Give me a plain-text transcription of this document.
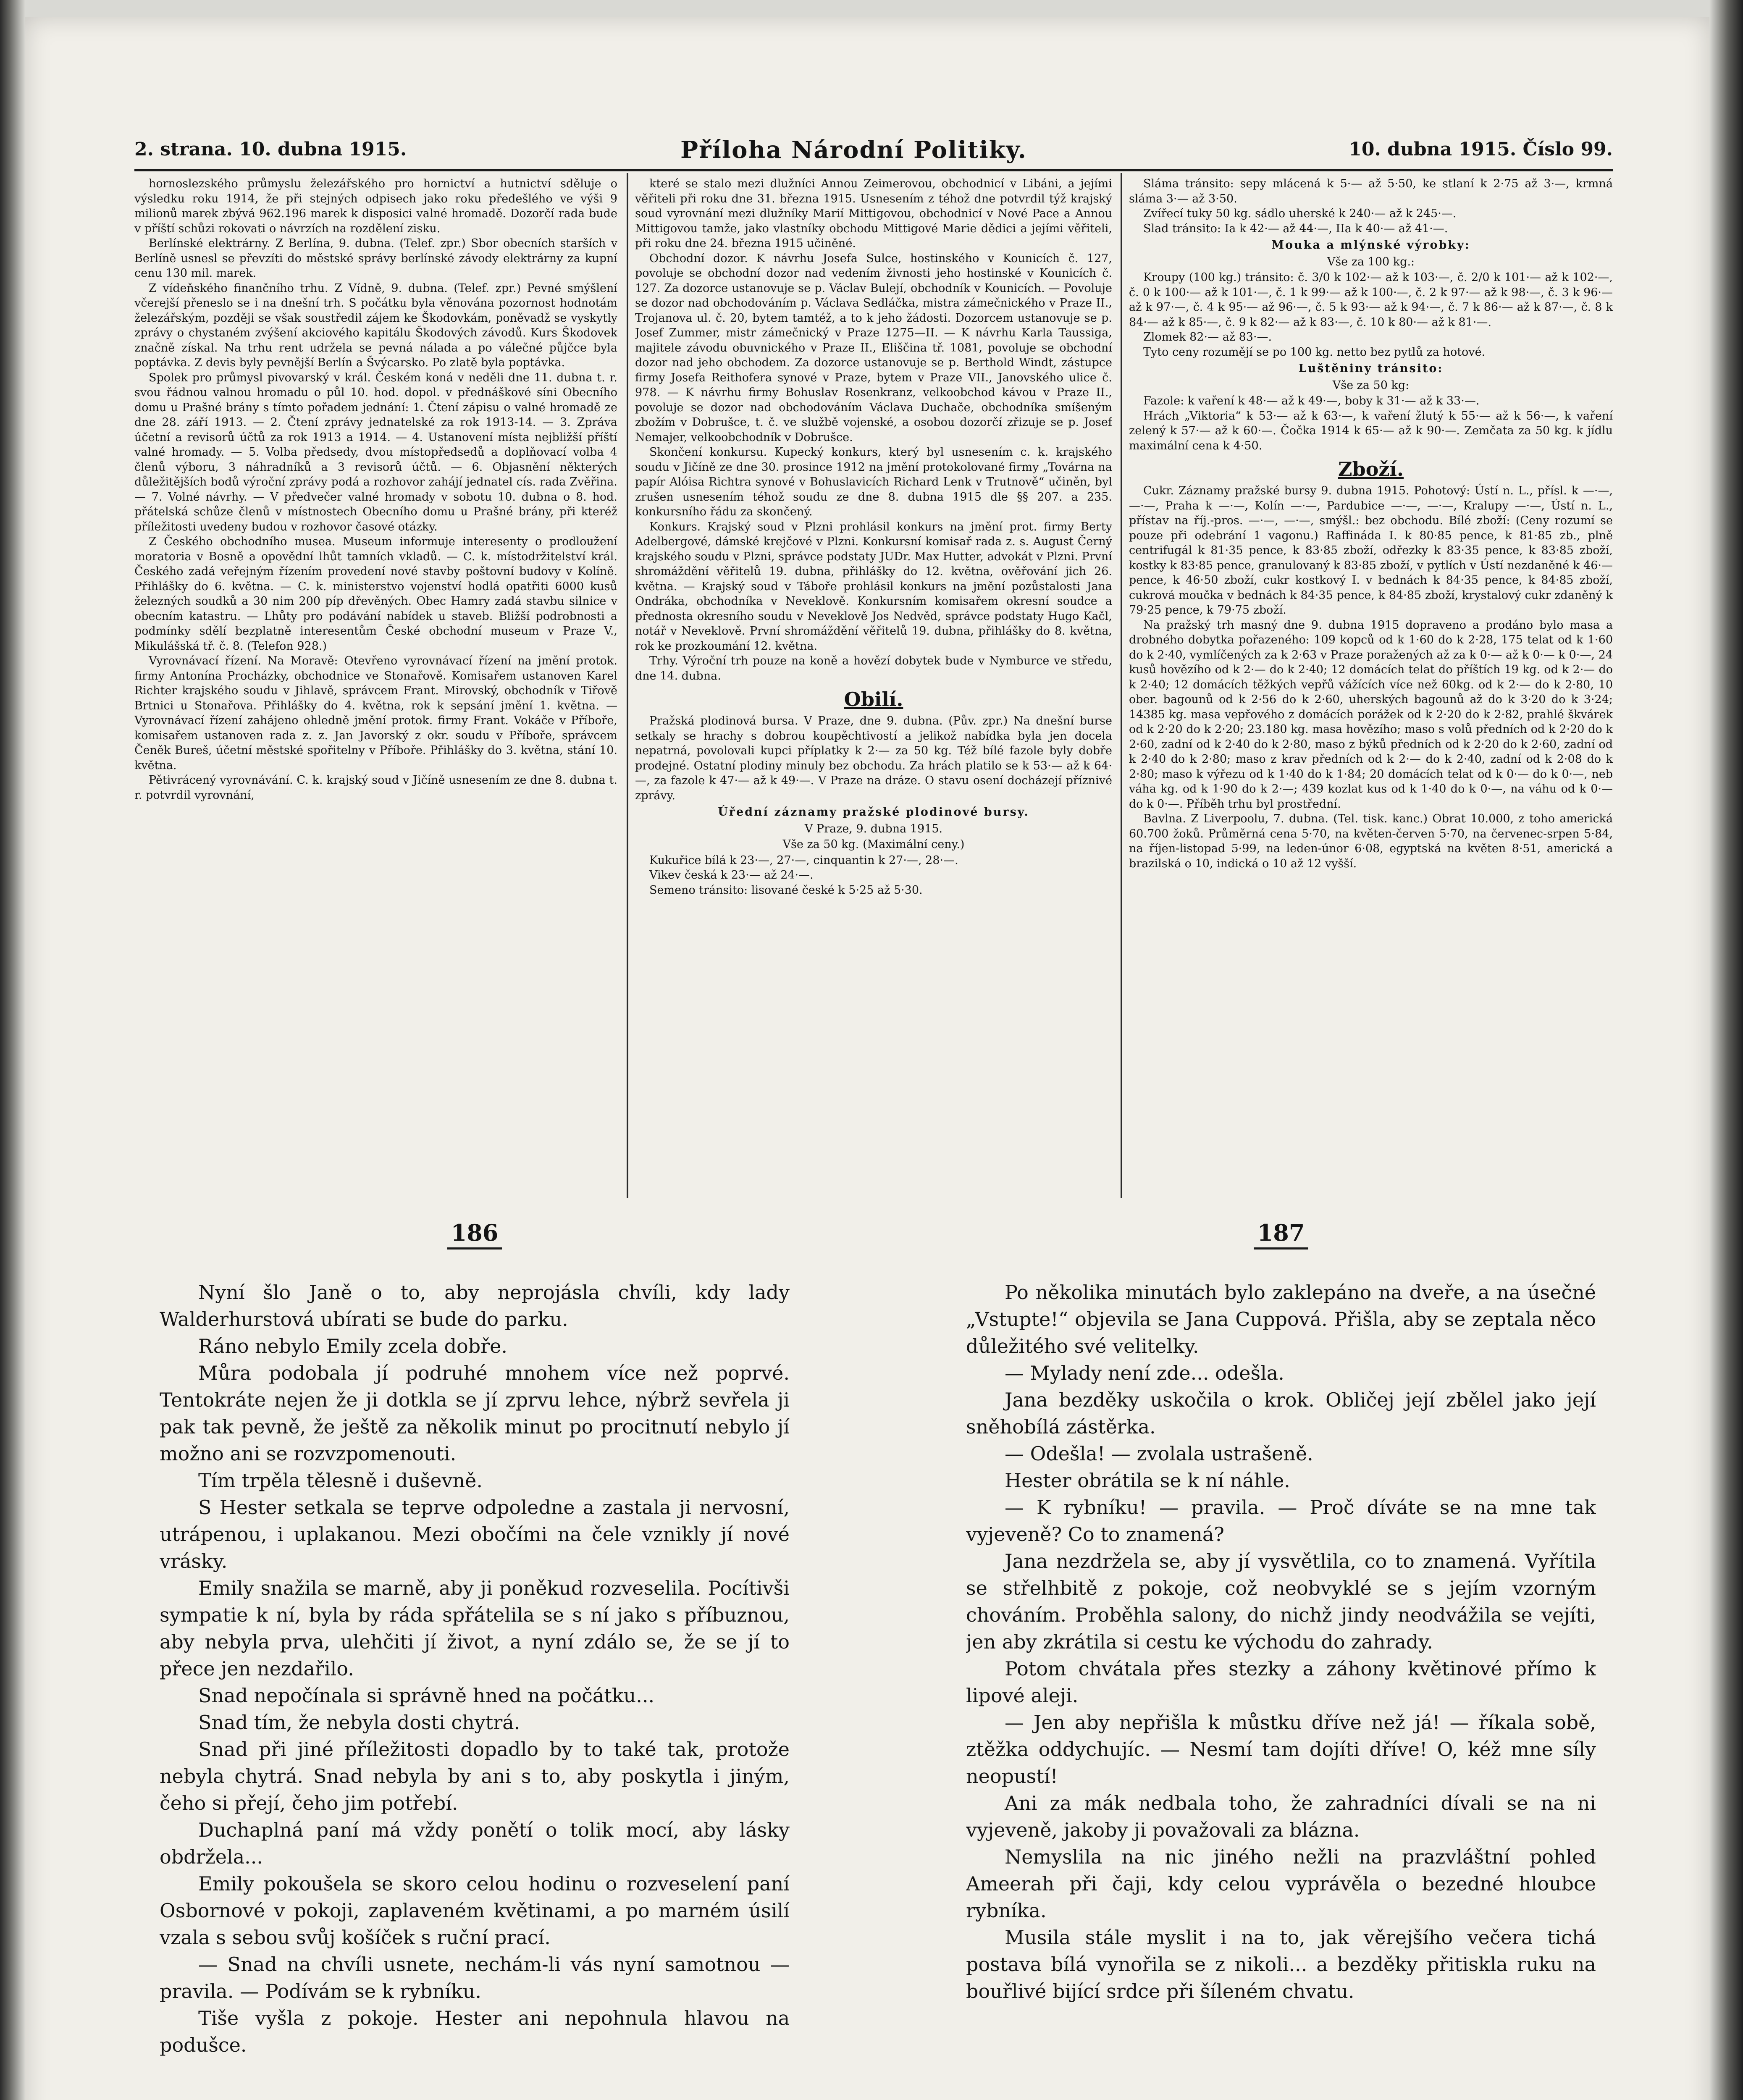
2. strana. 10. dubna 1915.	Příloha Národní Politiky.	10. dubna 1915. Číslo 99.

hornoslezského průmyslu železářského pro hornictví a hutnictví sděluje o výsledku roku 1914, že při stejných odpisech jako roku předešlého ve výši 9 milionů marek zbývá 962.196 marek k disposici valné hromadě. Dozorčí rada bude v příští schůzi rokovati o návrzích na rozdělení zisku.

Berlínské elektrárny. Z Berlína, 9. dubna. (Telef. zpr.) Sbor obecních starších v Berlíně usnesl se převzíti do městské správy berlínské závody elektrárny za kupní cenu 130 mil. marek.

Z vídeňského finančního trhu. Z Vídně, 9. dubna. (Telef. zpr.) Pevné smýšlení včerejší přeneslo se i na dnešní trh. S počátku byla věnována pozornost hodnotám železářským, později se však soustředil zájem ke Škodovkám, poněvadž se vyskytly zprávy o chystaném zvýšení akciového kapitálu Škodových závodů. Kurs Škodovek značně získal. Na trhu rent udržela se pevná nálada a po válečné půjčce byla poptávka. Z devis byly pevnější Berlín a Švýcarsko. Po zlatě byla poptávka.

Spolek pro průmysl pivovarský v král. Českém koná v neděli dne 11. dubna t. r. svou řádnou valnou hromadu o půl 10. hod. dopol. v přednáškové síni Obecního domu u Prašné brány s tímto pořadem jednání: 1. Čtení zápisu o valné hromadě ze dne 28. září 1913. — 2. Čtení zprávy jednatelské za rok 1913-14. — 3. Zpráva účetní a revisorů účtů za rok 1913 a 1914. — 4. Ustanovení místa nejbližší příští valné hromady. — 5. Volba předsedy, dvou místopředsedů a doplňovací volba 4 členů výboru, 3 náhradníků a 3 revisorů účtů. — 6. Objasnění některých důležitějších bodů výroční zprávy podá a rozhovor zahájí jednatel cís. rada Zvěřina. — 7. Volné návrhy. — V předvečer valné hromady v sobotu 10. dubna o 8. hod. přátelská schůze členů v místnostech Obecního domu u Prašné brány, při kteréž příležitosti uvedeny budou v rozhovor časové otázky.

Z Českého obchodního musea. Museum informuje interesenty o prodloužení moratoria v Bosně a opovědní lhůt tamních vkladů. — C. k. místodržitelství král. Českého zadá veřejným řízením provedení nové stavby poštovní budovy v Kolíně. Přihlášky do 6. května. — C. k. ministerstvo vojenství hodlá opatřiti 6000 kusů železných soudků a 30 nim 200 píp dřevěných. Obec Hamry zadá stavbu silnice v obecním katastru. — Lhůty pro podávání nabídek u staveb. Bližší podrobnosti a podmínky sdělí bezplatně interesentům České obchodní museum v Praze V., Mikulášská tř. č. 8. (Telefon 928.)

Vyrovnávací řízení. Na Moravě: Otevřeno vyrovnávací řízení na jmění protok. firmy Antonína Procházky, obchodnice ve Stonařově. Komisařem ustanoven Karel Richter krajského soudu v Jihlavě, správcem Frant. Mirovský, obchodník v Tiřově Brtnici u Stonařova. Přihlášky do 4. května, rok k sepsání jmění 1. května. — Vyrovnávací řízení zahájeno ohledně jmění protok. firmy Frant. Vokáče v Příboře, komisařem ustanoven rada z. z. Jan Javorský z okr. soudu v Příboře, správcem Čeněk Bureš, účetní městské spořitelny v Příboře. Přihlášky do 3. května, stání 10. května.

Pětivrácený vyrovnávání. C. k. krajský soud v Jičíně usnesením ze dne 8. dubna t. r. potvrdil vyrovnání,

které se stalo mezi dlužníci Annou Zeimerovou, obchodnicí v Libáni, a jejími věřiteli při roku dne 31. března 1915. Usnesením z téhož dne potvrdil týž krajský soud vyrovnání mezi dlužníky Marií Mittigovou, obchodnicí v Nové Pace a Annou Mittigovou tamže, jako vlastníky obchodu Mittigové Marie dědici a jejími věřiteli, při roku dne 24. března 1915 učiněné.

Obchodní dozor. K návrhu Josefa Sulce, hostinského v Kounicích č. 127, povoluje se obchodní dozor nad vedením živnosti jeho hostinské v Kounicích č. 127. Za dozorce ustanovuje se p. Václav Bulejí, obchodník v Kounicích. — Povoluje se dozor nad obchodováním p. Václava Sedláčka, mistra zámečnického v Praze II., Trojanova ul. č. 20, bytem tamtéž, a to k jeho žádosti. Dozorcem ustanovuje se p. Josef Zummer, mistr zámečnický v Praze 1275—II. — K návrhu Karla Taussiga, majitele závodu obuvnického v Praze II., Eliščina tř. 1081, povoluje se obchodní dozor nad jeho obchodem. Za dozorce ustanovuje se p. Berthold Windt, zástupce firmy Josefa Reithofera synové v Praze, bytem v Praze VII., Janovského ulice č. 978. — K návrhu firmy Bohuslav Rosenkranz, velkoobchod kávou v Praze II., povoluje se dozor nad obchodováním Václava Duchače, obchodníka smíšeným zbožím v Dobrušce, t. č. ve službě vojenské, a osobou dozorčí zřizuje se p. Josef Nemajer, velkoobchodník v Dobrušce.

Skončení konkursu. Kupecký konkurs, který byl usnesením c. k. krajského soudu v Jičíně ze dne 30. prosince 1912 na jmění protokolované firmy „Továrna na papír Alóisa Richtra synové v Bohuslavicích Richard Lenk v Trutnově“ učiněn, byl zrušen usnesením téhož soudu ze dne 8. dubna 1915 dle §§ 207. a 235. konkursního řádu za skončený.

Konkurs. Krajský soud v Plzni prohlásil konkurs na jmění prot. firmy Berty Adelbergové, dámské krejčové v Plzni. Konkursní komisař rada z. s. August Černý krajského soudu v Plzni, správce podstaty JUDr. Max Hutter, advokát v Plzni. První shromáždění věřitelů 19. dubna, přihlášky do 12. května, ověřování jich 26. května. — Krajský soud v Táboře prohlásil konkurs na jmění pozůstalosti Jana Ondráka, obchodníka v Neveklově. Konkursním komisařem okresní soudce a přednosta okresního soudu v Neveklově Jos Nedvěd, správce podstaty Hugo Kačl, notář v Neveklově. První shromáždění věřitelů 19. dubna, přihlášky do 8. května, rok ke prozkoumání 12. května.

Trhy. Výroční trh pouze na koně a hovězí dobytek bude v Nymburce ve středu, dne 14. dubna.

Obilí.

Pražská plodinová bursa. V Praze, dne 9. dubna. (Pův. zpr.) Na dnešní burse setkaly se hrachy s dobrou koupěchtivostí a jelikož nabídka byla jen docela nepatrná, povolovali kupci příplatky k 2·— za 50 kg. Též bílé fazole byly dobře prodejné. Ostatní plodiny minuly bez obchodu. Za hrách platilo se k 53·— až k 64·—, za fazole k 47·— až k 49·—. V Praze na dráze. O stavu osení docházejí příznivé zprávy.

Úřední záznamy pražské plodinové bursy.

V Praze, 9. dubna 1915.

Vše za 50 kg. (Maximální ceny.)

Kukuřice bílá k 23·—, 27·—, cinquantin k 27·—, 28·—.

Vikev česká k 23·— až 24·—.

Semeno tránsito: lisované české k 5·25 až 5·30.

Sláma tránsito: sepy mlácená k 5·— až 5·50, ke stlaní k 2·75 až 3·—, krmná sláma 3·— až 3·50.

Zvířecí tuky 50 kg. sádlo uherské k 240·— až k 245·—.

Slad tránsito: Ia k 42·— až 44·—, IIa k 40·— až 41·—.

Mouka a mlýnské výrobky:

Vše za 100 kg.:

Kroupy (100 kg.) tránsito: č. 3/0 k 102·— až k 103·—, č. 2/0 k 101·— až k 102·—, č. 0 k 100·— až k 101·—, č. 1 k 99·— až k 100·—, č. 2 k 97·— až k 98·—, č. 3 k 96·— až k 97·—, č. 4 k 95·— až 96·—, č. 5 k 93·— až k 94·—, č. 7 k 86·— až k 87·—, č. 8 k 84·— až k 85·—, č. 9 k 82·— až k 83·—, č. 10 k 80·— až k 81·—.

Zlomek 82·— až 83·—.

Tyto ceny rozumějí se po 100 kg. netto bez pytlů za hotové.

Luštěniny tránsito:

Vše za 50 kg:

Fazole: k vaření k 48·— až k 49·—, boby k 31·— až k 33·—.

Hrách „Viktoria“ k 53·— až k 63·—, k vaření žlutý k 55·— až k 56·—, k vaření zelený k 57·— až k 60·—. Čočka 1914 k 65·— až k 90·—. Zemčata za 50 kg. k jídlu maximální cena k 4·50.

Zboží.

Cukr. Záznamy pražské bursy 9. dubna 1915. Pohotový: Ústí n. L., přísl. k —·—, —·—, Praha k —·—, Kolín —·—, Pardubice —·—, —·—, Kralupy —·—, Ústí n. L., přístav na říj.-pros. —·—, —·—, smýšl.: bez obchodu. Bílé zboží: (Ceny rozumí se pouze při odebrání 1 vagonu.) Raffináda I. k 80·85 pence, k 81·85 zb., plně centrifugál k 81·35 pence, k 83·85 zboží, odřezky k 83·35 pence, k 83·85 zboží, kostky k 83·85 pence, granulovaný k 83·85 zboží, v pytlích v Ústí nezdaněné k 46·— pence, k 46·50 zboží, cukr kostkový I. v bednách k 84·35 pence, k 84·85 zboží, cukrová moučka v bednách k 84·35 pence, k 84·85 zboží, krystalový cukr zdaněný k 79·25 pence, k 79·75 zboží.

Na pražský trh masný dne 9. dubna 1915 dopraveno a prodáno bylo masa a drobného dobytka pořazeného: 109 kopců od k 1·60 do k 2·28, 175 telat od k 1·60 do k 2·40, vymlíčených za k 2·63 v Praze poražených až za k 0·— až k 0·— k 0·—, 24 kusů hovězího od k 2·— do k 2·40; 12 domácích telat do příštích 19 kg. od k 2·— do k 2·40; 12 domácích těžkých vepřů vážících více než 60kg. od k 2·— do k 2·80, 10 ober. bagounů od k 2·56 do k 2·60, uherských bagounů až do k 3·20 do k 3·24; 14385 kg. masa vepřového z domácích porážek od k 2·20 do k 2·82, prahlé škvárek od k 2·20 do k 2·20; 23.180 kg. masa hovězího; maso s volů předních od k 2·20 do k 2·60, zadní od k 2·40 do k 2·80, maso z býků předních od k 2·20 do k 2·60, zadní od k 2·40 do k 2·80; maso z krav předních od k 2·— do k 2·40, zadní od k 2·08 do k 2·80; maso k výřezu od k 1·40 do k 1·84; 20 domácích telat od k 0·— do k 0·—, neb váha kg. od k 1·90 do k 2·—; 439 kozlat kus od k 1·40 do k 0·—, na váhu od k 0·— do k 0·—. Příběh trhu byl prostřední.

Bavlna. Z Liverpoolu, 7. dubna. (Tel. tisk. kanc.) Obrat 10.000, z toho americká 60.700 žoků. Průměrná cena 5·70, na květen-červen 5·70, na červenec-srpen 5·84, na říjen-listopad 5·99, na leden-únor 6·08, egyptská na květen 8·51, americká a brazilská o 10, indická o 10 až 12 vyšší.

186

Nyní šlo Janě o to, aby neprojásla chvíli, kdy lady Walderhurstová ubírati se bude do parku.

Ráno nebylo Emily zcela dobře.

Můra podobala jí podruhé mnohem více než poprvé. Tentokráte nejen že ji dotkla se jí zprvu lehce, nýbrž sevřela ji pak tak pevně, že ještě za několik minut po procitnutí nebylo jí možno ani se rozvzpomenouti.

Tím trpěla tělesně i duševně.

S Hester setkala se teprve odpoledne a zastala ji nervosní, utrápenou, i uplakanou. Mezi obočími na čele vznikly jí nové vrásky.

Emily snažila se marně, aby ji poněkud rozveselila. Pocítivši sympatie k ní, byla by ráda spřátelila se s ní jako s příbuznou, aby nebyla prva, ulehčiti jí život, a nyní zdálo se, že se jí to přece jen nezdařilo.

Snad nepočínala si správně hned na počátku...

Snad tím, že nebyla dosti chytrá.

Snad při jiné příležitosti dopadlo by to také tak, protože nebyla chytrá. Snad nebyla by ani s to, aby poskytla i jiným, čeho si přejí, čeho jim potřebí.

Duchaplná paní má vždy ponětí o tolik mocí, aby lásky obdržela...

Emily pokoušela se skoro celou hodinu o rozveselení paní Osbornové v pokoji, zaplaveném květinami, a po marném úsilí vzala s sebou svůj košíček s ruční prací.

— Snad na chvíli usnete, nechám-li vás nyní samotnou — pravila. — Podívám se k rybníku.

Tiše vyšla z pokoje. Hester ani nepohnula hlavou na podušce.

187

Po několika minutách bylo zaklepáno na dveře, a na úsečné „Vstupte!“ objevila se Jana Cuppová. Přišla, aby se zeptala něco důležitého své velitelky.

— Mylady není zde... odešla.

Jana bezděky uskočila o krok. Obličej její zbělel jako její sněhobílá zástěrka.

— Odešla! — zvolala ustrašeně.

Hester obrátila se k ní náhle.

— K rybníku! — pravila. — Proč díváte se na mne tak vyjeveně? Co to znamená?

Jana nezdržela se, aby jí vysvětlila, co to znamená. Vyřítila se střelhbitě z pokoje, což neobvyklé se s jejím vzorným chováním. Proběhla salony, do nichž jindy neodvážila se vejíti, jen aby zkrátila si cestu ke východu do zahrady.

Potom chvátala přes stezky a záhony květinové přímo k lipové aleji.

— Jen aby nepřišla k můstku dříve než já! — říkala sobě, ztěžka oddychujíc. — Nesmí tam dojíti dříve! O, kéž mne síly neopustí!

Ani za mák nedbala toho, že zahradníci dívali se na ni vyjeveně, jakoby ji považovali za blázna.

Nemyslila na nic jiného nežli na prazvláštní pohled Ameerah při čaji, kdy celou vyprávěla o bezedné hloubce rybníka.

Musila stále myslit i na to, jak věrejšího večera tichá postava bílá vynořila se z nikoli... a bezděky přitiskla ruku na bouřlivé bijící srdce při šíleném chvatu.
